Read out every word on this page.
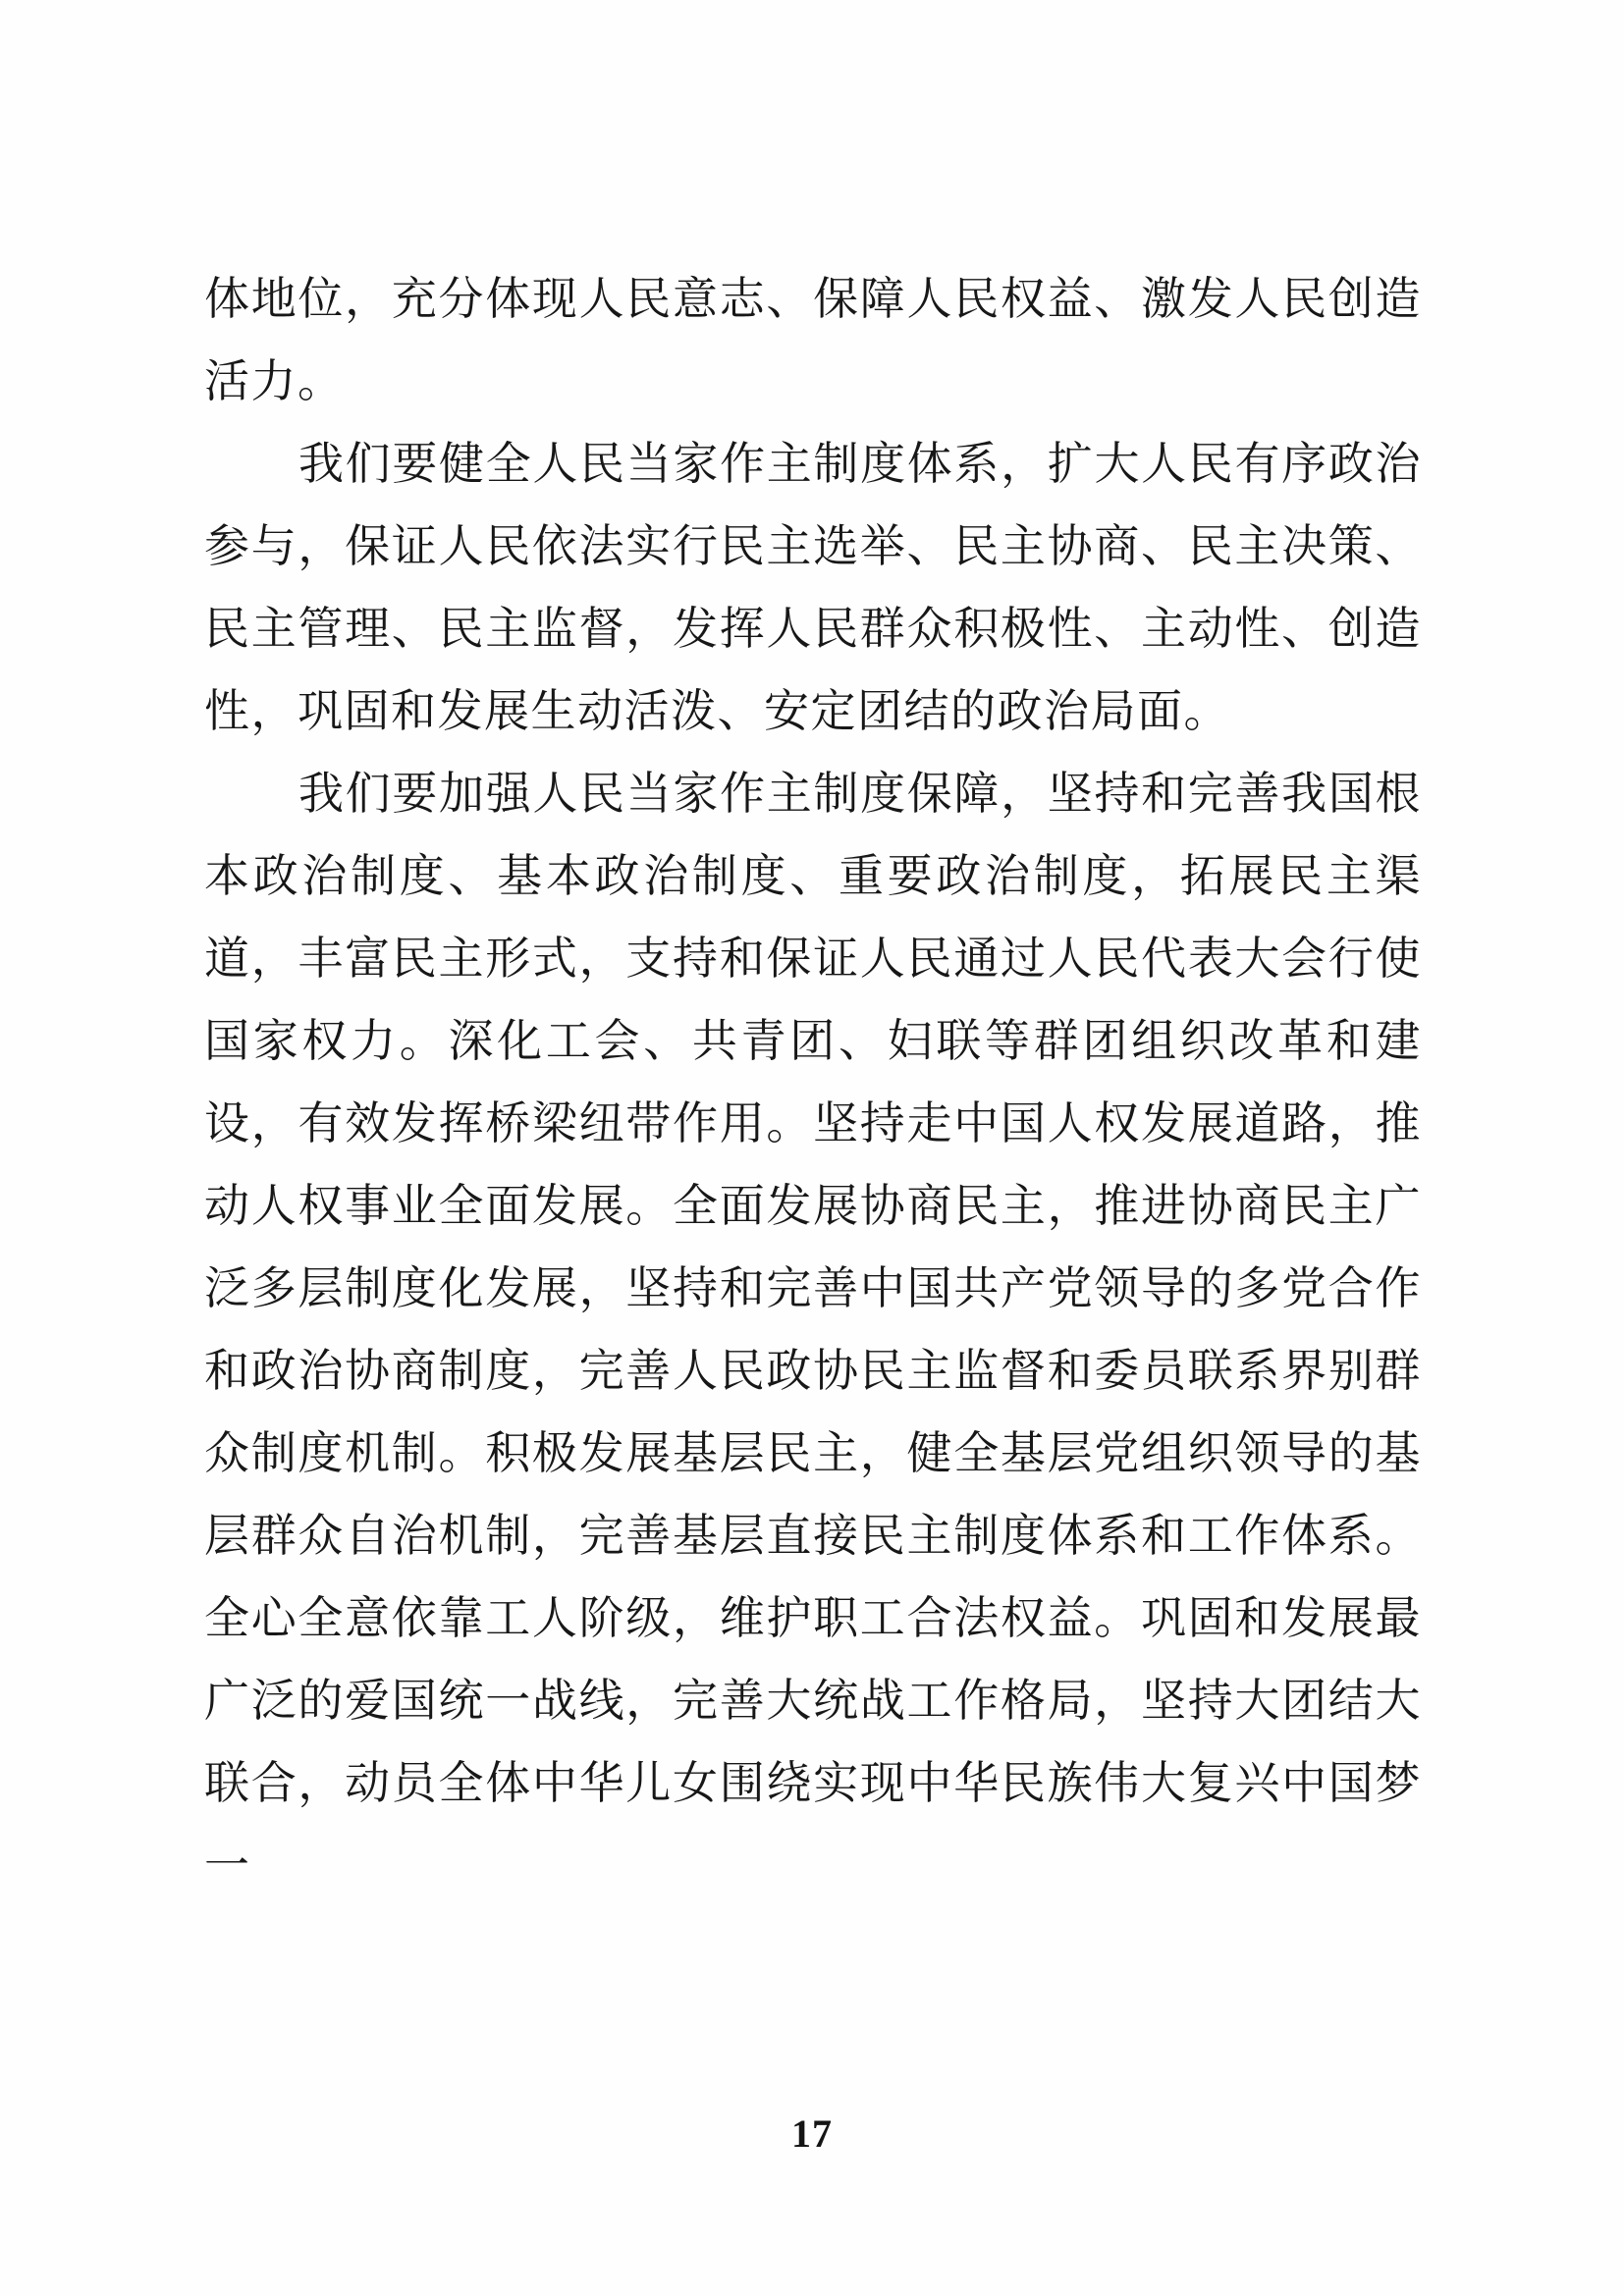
体地位，充分体现人民意志、保障人民权益、激发人民创造活力。

我们要健全人民当家作主制度体系，扩大人民有序政治参与，保证人民依法实行民主选举、民主协商、民主决策、民主管理、民主监督，发挥人民群众积极性、主动性、创造性，巩固和发展生动活泼、安定团结的政治局面。

我们要加强人民当家作主制度保障，坚持和完善我国根本政治制度、基本政治制度、重要政治制度，拓展民主渠道，丰富民主形式，支持和保证人民通过人民代表大会行使国家权力。深化工会、共青团、妇联等群团组织改革和建设，有效发挥桥梁纽带作用。坚持走中国人权发展道路，推动人权事业全面发展。全面发展协商民主，推进协商民主广泛多层制度化发展，坚持和完善中国共产党领导的多党合作和政治协商制度，完善人民政协民主监督和委员联系界别群众制度机制。积极发展基层民主，健全基层党组织领导的基层群众自治机制，完善基层直接民主制度体系和工作体系。全心全意依靠工人阶级，维护职工合法权益。巩固和发展最广泛的爱国统一战线，完善大统战工作格局，坚持大团结大联合，动员全体中华儿女围绕实现中华民族伟大复兴中国梦一

17
